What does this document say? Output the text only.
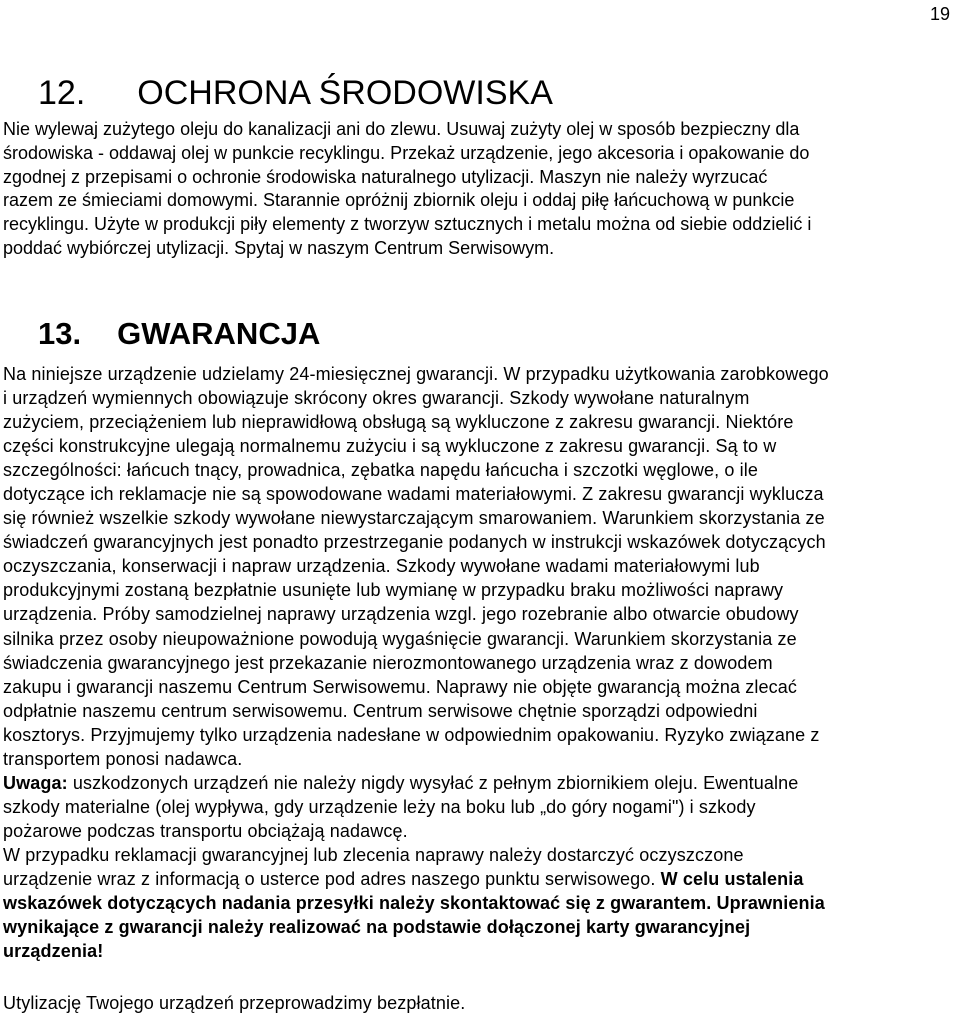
19
12. OCHRONA ŚRODOWISKA

Nie wylewaj zużytego oleju do kanalizacji ani do zlewu. Usuwaj zużyty olej w sposób bezpieczny dla
środowiska - oddawaj olej w punkcie recyklingu. Przekaż urządzenie, jego akcesoria i opakowanie do
zgodnej z przepisami o ochronie środowiska naturalnego utylizacji. Maszyn nie należy wyrzucać
razem ze śmieciami domowymi. Starannie opróżnij zbiornik oleju i oddaj piłę łańcuchową w punkcie
recyklingu. Użyte w produkcji piły elementy z tworzyw sztucznych i metalu można od siebie oddzielić i
poddać wybiórczej utylizacji. Spytaj w naszym Centrum Serwisowym.

13. GWARANCJA

Na niniejsze urządzenie udzielamy 24-miesięcznej gwarancji. W przypadku użytkowania zarobkowego
i urządzeń wymiennych obowiązuje skrócony okres gwarancji. Szkody wywołane naturalnym
zużyciem, przeciążeniem lub nieprawidłową obsługą są wykluczone z zakresu gwarancji. Niektóre
części konstrukcyjne ulegają normalnemu zużyciu i są wykluczone z zakresu gwarancji. Są to w
szczególności: łańcuch tnący, prowadnica, zębatka napędu łańcucha i szczotki węglowe, o ile
dotyczące ich reklamacje nie są spowodowane wadami materiałowymi. Z zakresu gwarancji wyklucza
się również wszelkie szkody wywołane niewystarczającym smarowaniem. Warunkiem skorzystania ze
świadczeń gwarancyjnych jest ponadto przestrzeganie podanych w instrukcji wskazówek dotyczących
oczyszczania, konserwacji i napraw urządzenia. Szkody wywołane wadami materiałowymi lub
produkcyjnymi zostaną bezpłatnie usunięte lub wymianę w przypadku braku możliwości naprawy
urządzenia. Próby samodzielnej naprawy urządzenia wzgl. jego rozebranie albo otwarcie obudowy
silnika przez osoby nieupoważnione powodują wygaśnięcie gwarancji. Warunkiem skorzystania ze
świadczenia gwarancyjnego jest przekazanie nierozmontowanego urządzenia wraz z dowodem
zakupu i gwarancji naszemu Centrum Serwisowemu. Naprawy nie objęte gwarancją można zlecać
odpłatnie naszemu centrum serwisowemu. Centrum serwisowe chętnie sporządzi odpowiedni
kosztorys. Przyjmujemy tylko urządzenia nadesłane w odpowiednim opakowaniu. Ryzyko związane z
transportem ponosi nadawca.
Uwaga: uszkodzonych urządzeń nie należy nigdy wysyłać z pełnym zbiornikiem oleju. Ewentualne
szkody materialne (olej wypływa, gdy urządzenie leży na boku lub „do góry nogami") i szkody
pożarowe podczas transportu obciążają nadawcę.
W przypadku reklamacji gwarancyjnej lub zlecenia naprawy należy dostarczyć oczyszczone
urządzenie wraz z informacją o usterce pod adres naszego punktu serwisowego. W celu ustalenia
wskazówek dotyczących nadania przesyłki należy skontaktować się z gwarantem. Uprawnienia
wynikające z gwarancji należy realizować na podstawie dołączonej karty gwarancyjnej
urządzenia!

Utylizację Twojego urządzeń przeprowadzimy bezpłatnie.
